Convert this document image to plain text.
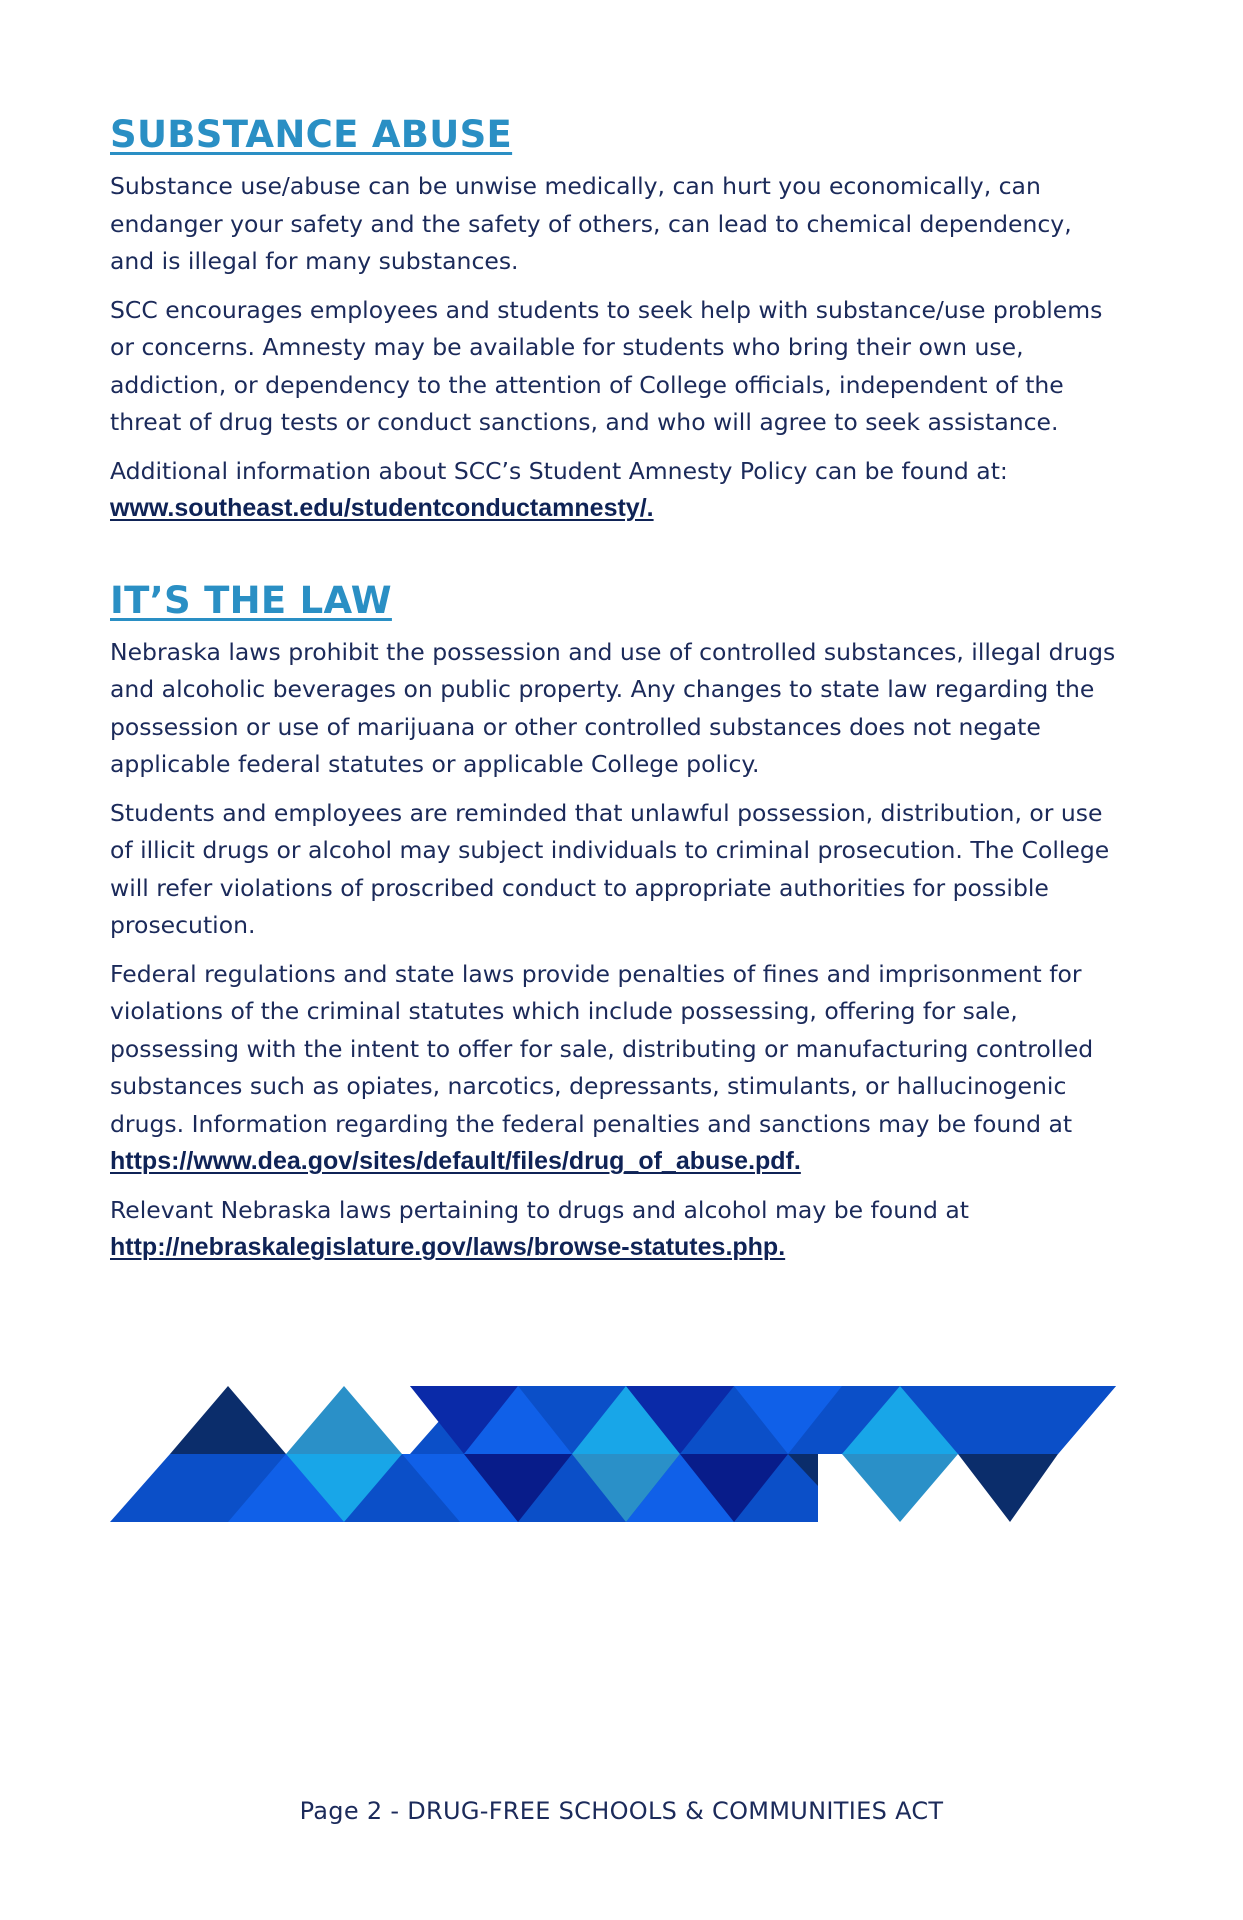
SUBSTANCE ABUSE

Substance use/abuse can be unwise medically, can hurt you economically, can endanger your safety and the safety of others, can lead to chemical dependency, and is illegal for many substances.

SCC encourages employees and students to seek help with substance/use problems or concerns. Amnesty may be available for students who bring their own use, addiction, or dependency to the attention of College officials, independent of the threat of drug tests or conduct sanctions, and who will agree to seek assistance.

Additional information about SCC’s Student Amnesty Policy can be found at:
www.southeast.edu/studentconductamnesty/.

IT’S THE LAW

Nebraska laws prohibit the possession and use of controlled substances, illegal drugs and alcoholic beverages on public property. Any changes to state law regarding the possession or use of marijuana or other controlled substances does not negate applicable federal statutes or applicable College policy.

Students and employees are reminded that unlawful possession, distribution, or use of illicit drugs or alcohol may subject individuals to criminal prosecution. The College will refer violations of proscribed conduct to appropriate authorities for possible prosecution.

Federal regulations and state laws provide penalties of fines and imprisonment for violations of the criminal statutes which include possessing, offering for sale, possessing with the intent to offer for sale, distributing or manufacturing controlled substances such as opiates, narcotics, depressants, stimulants, or hallucinogenic drugs. Information regarding the federal penalties and sanctions may be found at
https://www.dea.gov/sites/default/files/drug_of_abuse.pdf.

Relevant Nebraska laws pertaining to drugs and alcohol may be found at
http://nebraskalegislature.gov/laws/browse-statutes.php.

Page 2 - DRUG-FREE SCHOOLS & COMMUNITIES ACT
